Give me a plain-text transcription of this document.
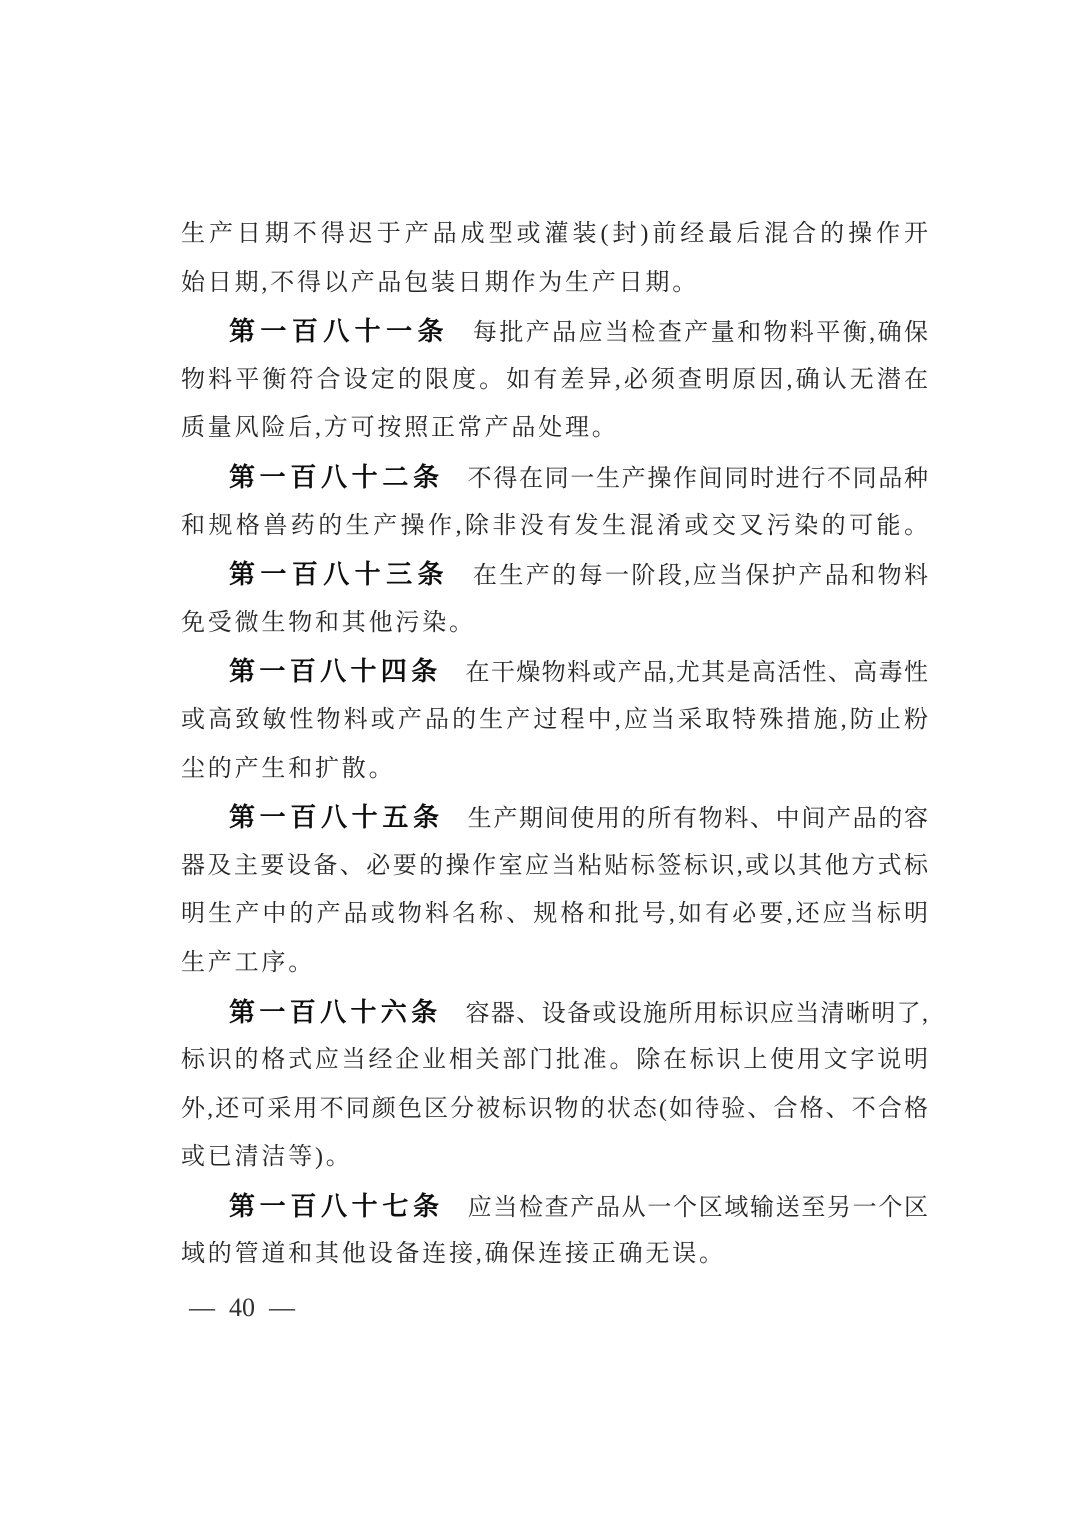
生产日期不得迟于产品成型或灌装(封)前经最后混合的操作开
始日期,不得以产品包装日期作为生产日期。
第一百八十一条 每批产品应当检查产量和物料平衡,确保
物料平衡符合设定的限度。如有差异,必须查明原因,确认无潜在
质量风险后,方可按照正常产品处理。
第一百八十二条 不得在同一生产操作间同时进行不同品种
和规格兽药的生产操作,除非没有发生混淆或交叉污染的可能。
第一百八十三条 在生产的每一阶段,应当保护产品和物料
免受微生物和其他污染。
第一百八十四条 在干燥物料或产品,尤其是高活性、高毒性
或高致敏性物料或产品的生产过程中,应当采取特殊措施,防止粉
尘的产生和扩散。
第一百八十五条 生产期间使用的所有物料、中间产品的容
器及主要设备、必要的操作室应当粘贴标签标识,或以其他方式标
明生产中的产品或物料名称、规格和批号,如有必要,还应当标明
生产工序。
第一百八十六条 容器、设备或设施所用标识应当清晰明了,
标识的格式应当经企业相关部门批准。除在标识上使用文字说明
外,还可采用不同颜色区分被标识物的状态(如待验、合格、不合格
或已清洁等)。
第一百八十七条 应当检查产品从一个区域输送至另一个区
域的管道和其他设备连接,确保连接正确无误。
— 40 —
